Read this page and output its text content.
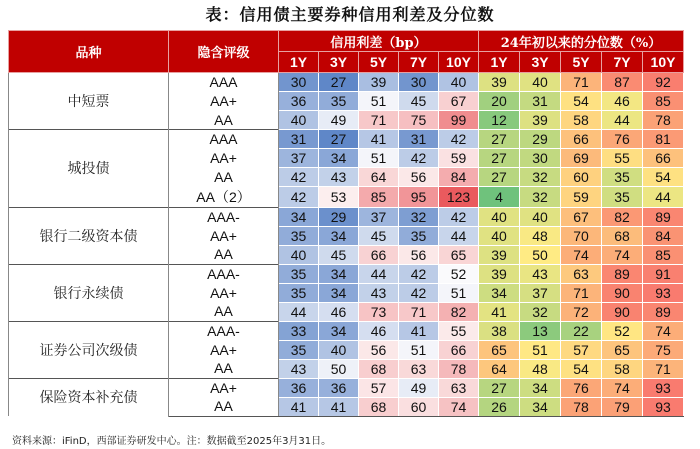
表：信用债主要券种信用利差及分位数
品种	隐含评级	信用利差（bp）					24年初以来的分位数（%）				
		1Y	3Y	5Y	7Y	10Y	1Y	3Y	5Y	7Y	10Y
中短票	AAA	30	27	39	30	40	39	40	71	87	92
	AA+	36	35	51	45	67	20	31	54	46	85
	AA	40	49	71	75	99	12	39	58	44	78
城投债	AAA	31	27	41	31	42	27	29	66	76	81
	AA+	37	34	51	42	59	27	30	69	55	66
	AA	42	43	64	56	84	27	32	60	35	54
	AA（2）	42	53	85	95	123	4	32	59	35	44
银行二级资本债	AAA-	34	29	37	32	42	40	40	67	82	89
	AA+	35	34	45	35	44	40	48	70	68	84
	AA	40	45	66	56	65	39	50	74	74	85
银行永续债	AAA-	35	34	44	42	52	39	43	63	89	91
	AA+	35	34	43	42	51	34	37	71	90	93
	AA	44	46	73	71	82	41	32	72	90	89
证券公司次级债	AAA-	33	34	46	41	55	38	13	22	52	74
	AA+	35	40	56	51	66	65	51	57	65	75
	AA	43	50	68	63	78	64	48	54	58	71
保险资本补充债	AA+	36	36	57	49	63	27	34	76	74	93
	AA	41	41	68	60	74	26	34	78	79	93
资料来源：iFinD，西部证券研发中心。注：数据截至2025年3月31日。
